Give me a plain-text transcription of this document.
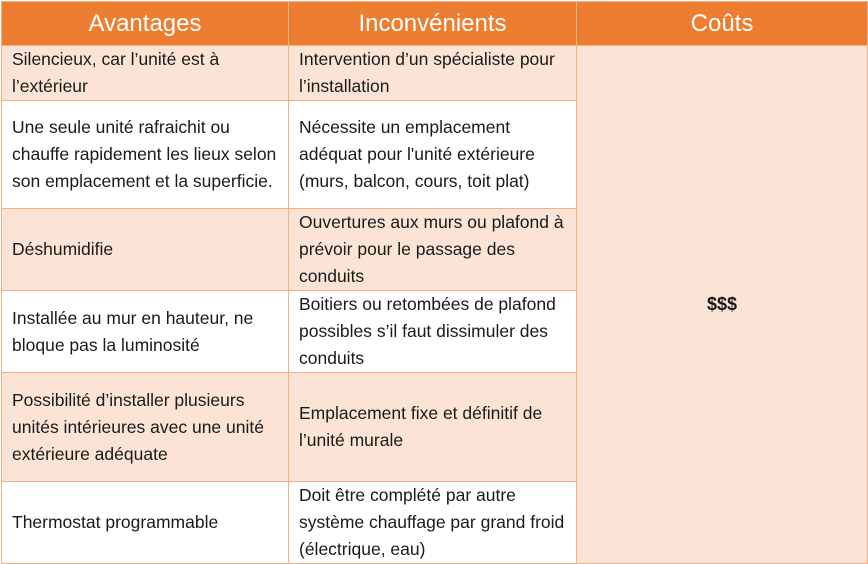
Avantages	Inconvénients	Coûts
Silencieux, car l’unité est à l’extérieur	Intervention d’un spécialiste pour l’installation	$$$
Une seule unité rafraichit ou chauffe rapidement les lieux selon son emplacement et la superficie.	Nécessite un emplacement adéquat pour l'unité extérieure (murs, balcon, cours, toit plat)	
Déshumidifie	Ouvertures aux murs ou plafond à prévoir pour le passage des conduits	
Installée au mur en hauteur, ne bloque pas la luminosité	Boitiers ou retombées de plafond possibles s’il faut dissimuler des conduits	
Possibilité d’installer plusieurs unités intérieures avec une unité extérieure adéquate	Emplacement fixe et définitif de l’unité murale	
Thermostat programmable	Doit être complété par autre système chauffage par grand froid (électrique, eau)	
